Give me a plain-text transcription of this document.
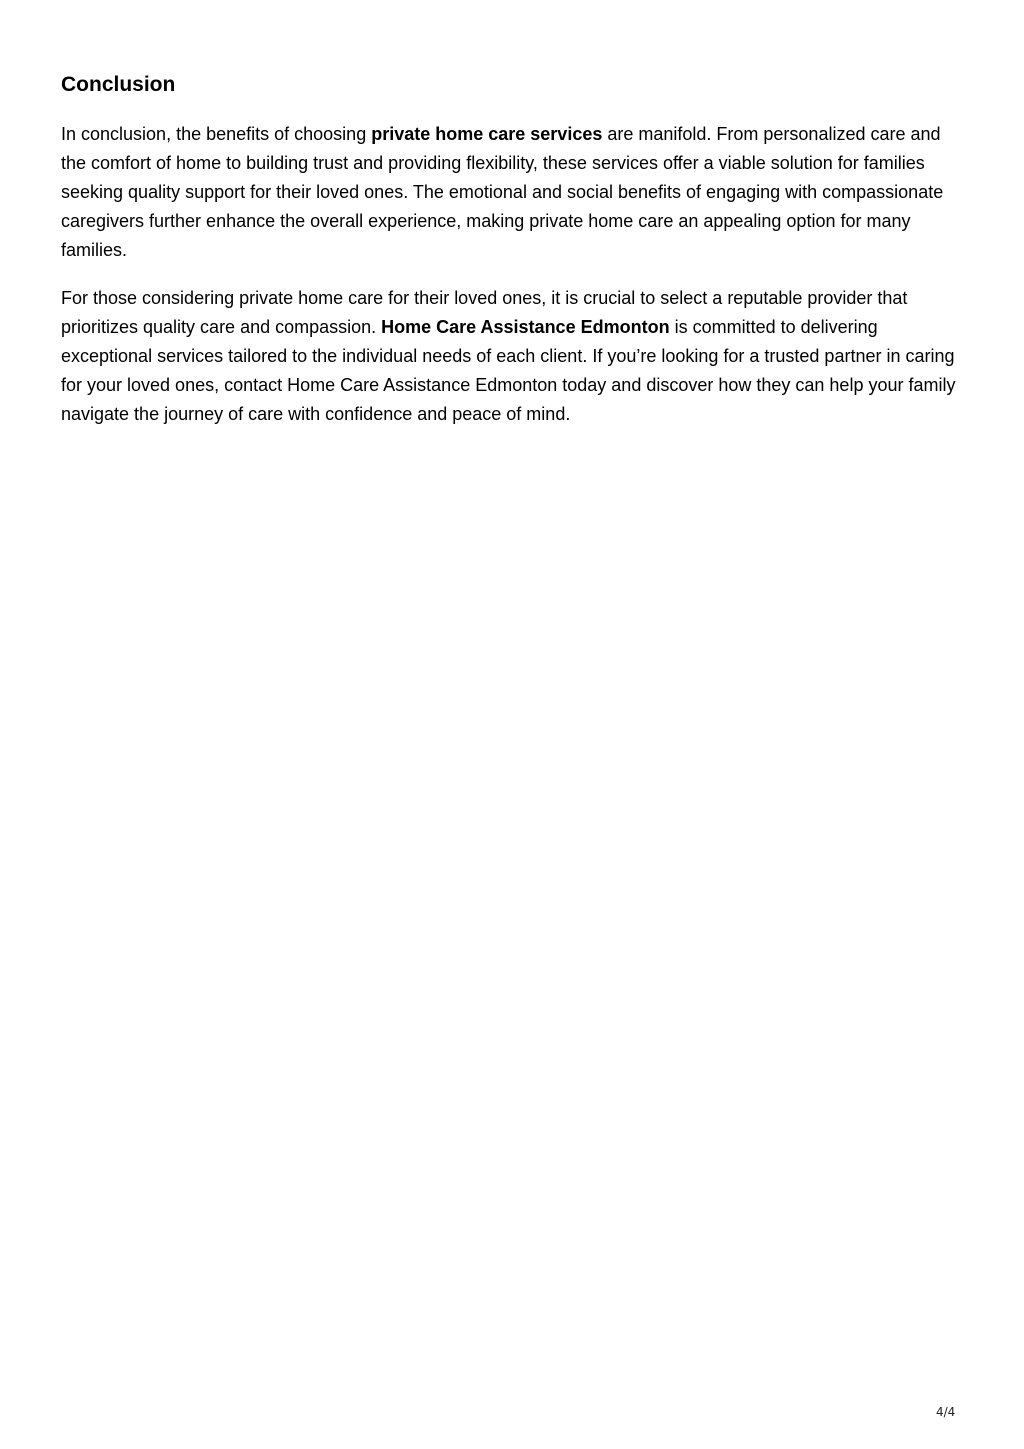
Conclusion

In conclusion, the benefits of choosing private home care services are manifold. From personalized care and the comfort of home to building trust and providing flexibility, these services offer a viable solution for families seeking quality support for their loved ones. The emotional and social benefits of engaging with compassionate caregivers further enhance the overall experience, making private home care an appealing option for many families.

For those considering private home care for their loved ones, it is crucial to select a reputable provider that prioritizes quality care and compassion. Home Care Assistance Edmonton is committed to delivering exceptional services tailored to the individual needs of each client. If you’re looking for a trusted partner in caring for your loved ones, contact Home Care Assistance Edmonton today and discover how they can help your family navigate the journey of care with confidence and peace of mind.

4/4
